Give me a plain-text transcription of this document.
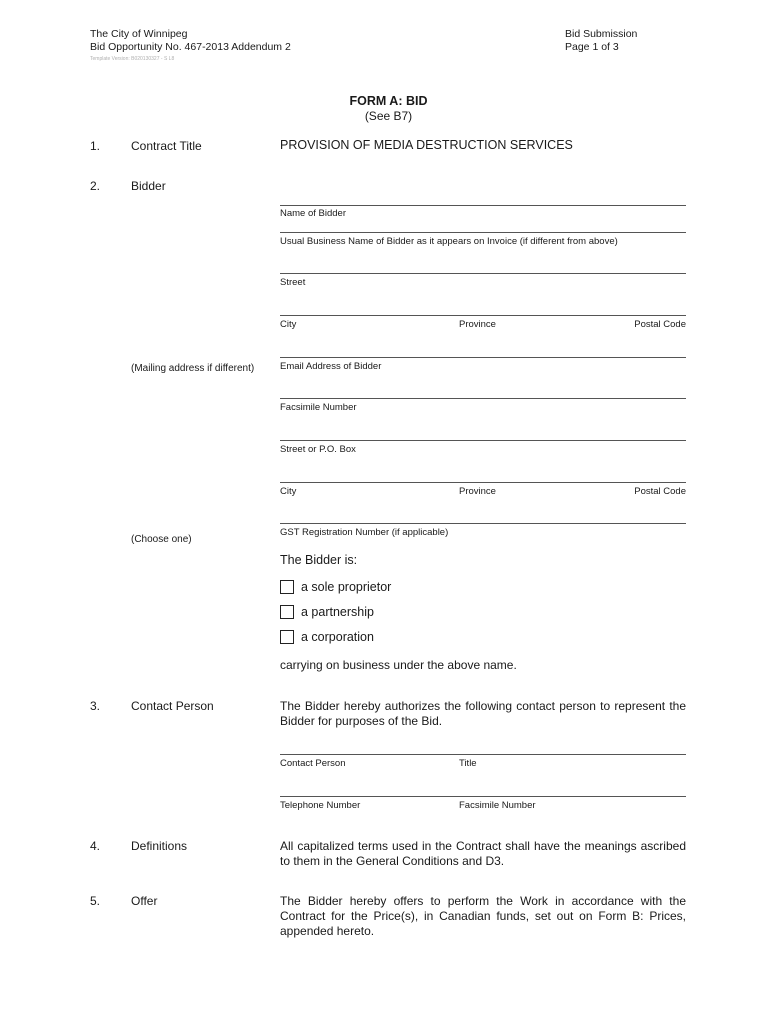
The City of Winnipeg
Bid Opportunity No. 467-2013 Addendum 2
Template Version: B020130327 - S L8
Bid Submission
Page 1 of 3
FORM A: BID
(See B7)
1.	Contract Title	PROVISION OF MEDIA DESTRUCTION SERVICES
2.	Bidder
Name of Bidder
Usual Business Name of Bidder as it appears on Invoice (if different from above)
Street
City	Province	Postal Code
(Mailing address if different)	Email Address of Bidder
Facsimile Number
Street or P.O. Box
City	Province	Postal Code
GST Registration Number (if applicable)
(Choose one)
The Bidder is:
a sole proprietor
a partnership
a corporation
carrying on business under the above name.
3.	Contact Person	The Bidder hereby authorizes the following contact person to represent the Bidder for purposes of the Bid.
Contact Person	Title
Telephone Number	Facsimile Number
4.	Definitions	All capitalized terms used in the Contract shall have the meanings ascribed to them in the General Conditions and D3.
5.	Offer	The Bidder hereby offers to perform the Work in accordance with the Contract for the Price(s), in Canadian funds, set out on Form B: Prices, appended hereto.
